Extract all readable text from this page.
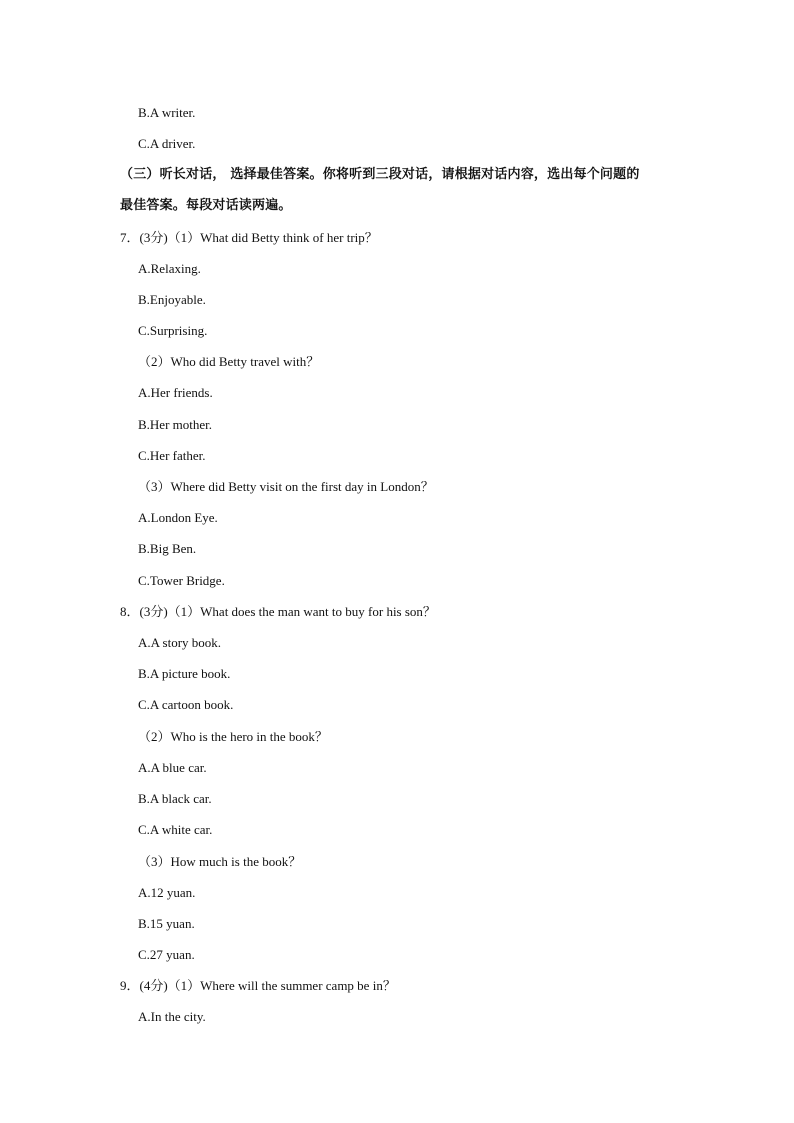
B.A writer.
C.A driver.
（三）听长对话， 选择最佳答案。你将听到三段对话，请根据对话内容，选出每个问题的
最佳答案。每段对话读两遍。
7．(3分)（1）What did Betty think of her trip？
A.Relaxing.
B.Enjoyable.
C.Surprising.
（2）Who did Betty travel with？
A.Her friends.
B.Her mother.
C.Her father.
（3）Where did Betty visit on the first day in London？
A.London Eye.
B.Big Ben.
C.Tower Bridge.
8．(3分)（1）What does the man want to buy for his son？
A.A story book.
B.A picture book.
C.A cartoon book.
（2）Who is the hero in the book？
A.A blue car.
B.A black car.
C.A white car.
（3）How much is the book？
A.12 yuan.
B.15 yuan.
C.27 yuan.
9．(4分)（1）Where will the summer camp be in？
A.In the city.
